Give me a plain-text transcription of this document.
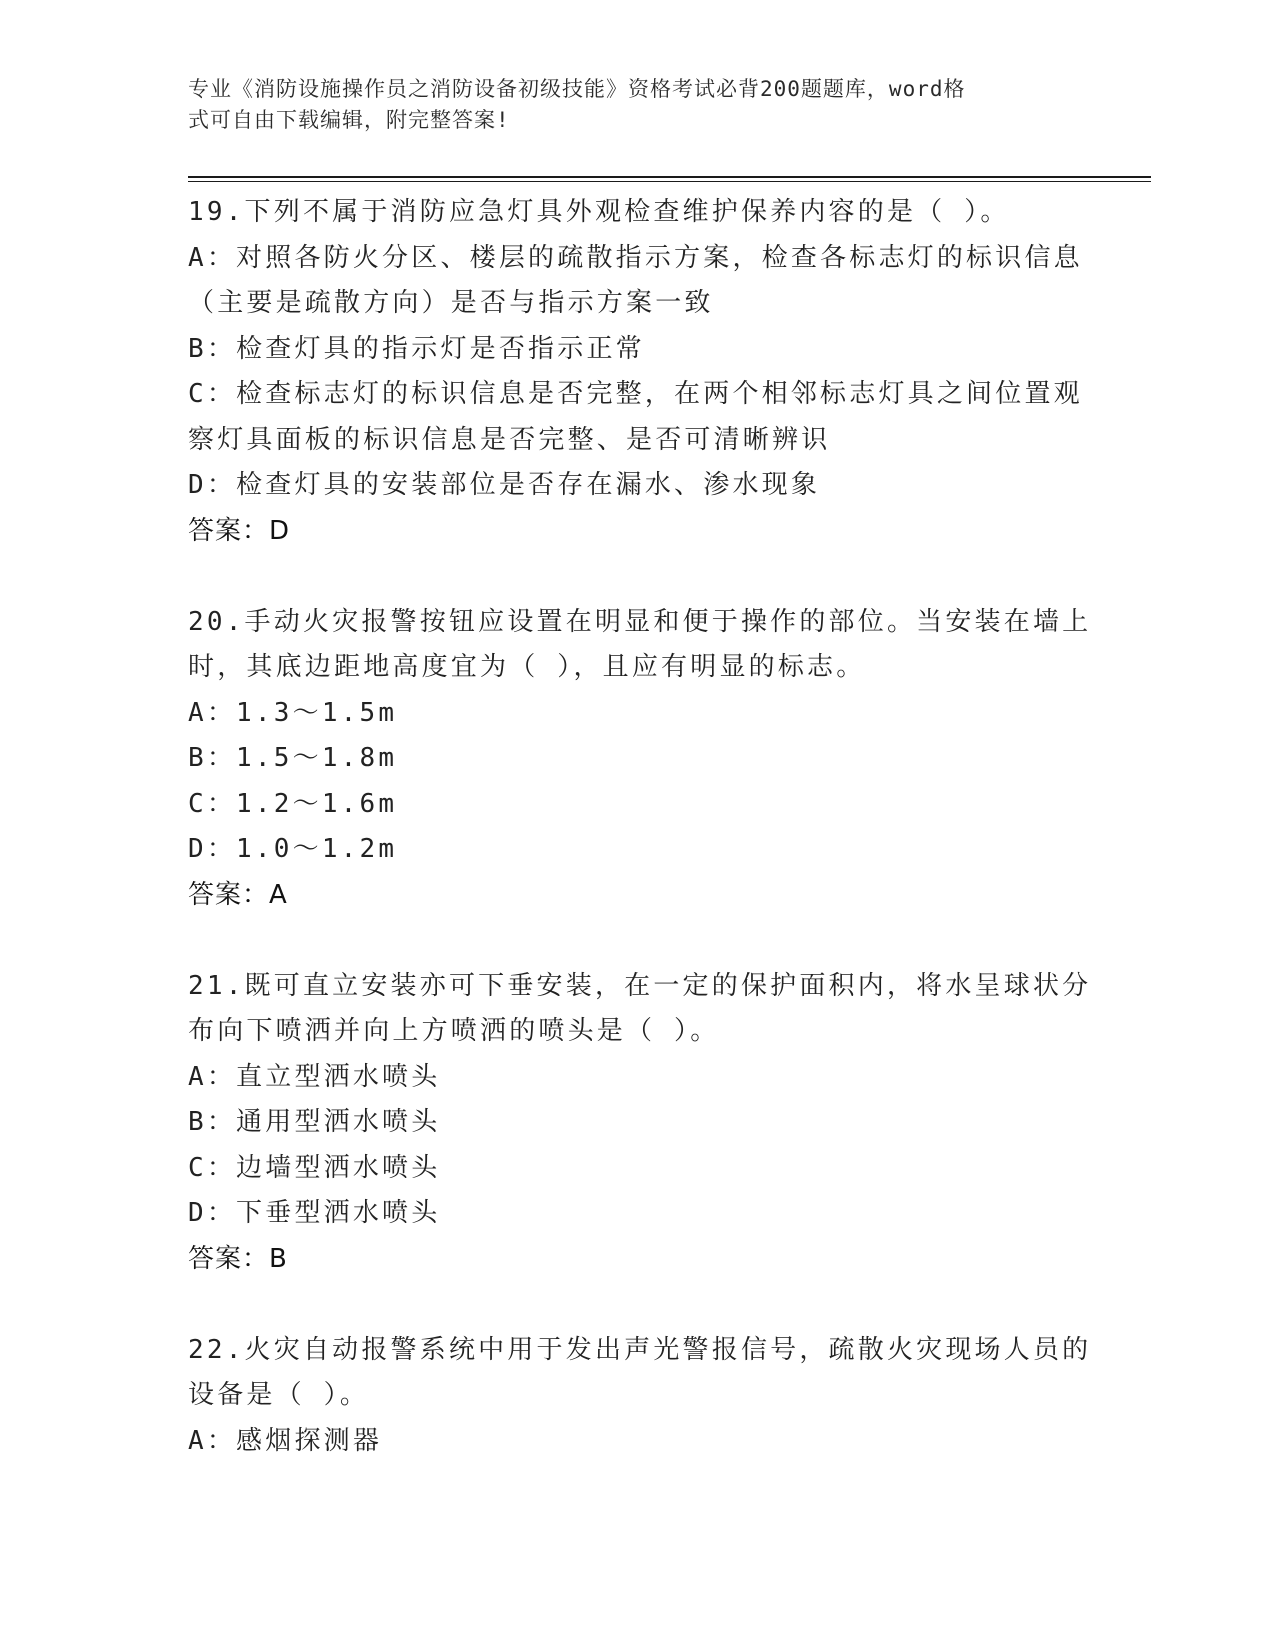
专业《消防设施操作员之消防设备初级技能》资格考试必背200题题库，word格
式可自由下载编辑，附完整答案!
19.下列不属于消防应急灯具外观检查维护保养内容的是（ ）。
A：对照各防火分区、楼层的疏散指示方案，检查各标志灯的标识信息
（主要是疏散方向）是否与指示方案一致
B：检查灯具的指示灯是否指示正常
C：检查标志灯的标识信息是否完整，在两个相邻标志灯具之间位置观
察灯具面板的标识信息是否完整、是否可清晰辨识
D：检查灯具的安装部位是否存在漏水、渗水现象
答案：D
20.手动火灾报警按钮应设置在明显和便于操作的部位。当安装在墙上
时，其底边距地高度宜为（ ），且应有明显的标志。
A：1.3～1.5m
B：1.5～1.8m
C：1.2～1.6m
D：1.0～1.2m
答案：A
21.既可直立安装亦可下垂安装，在一定的保护面积内，将水呈球状分
布向下喷洒并向上方喷洒的喷头是（ ）。
A：直立型洒水喷头
B：通用型洒水喷头
C：边墙型洒水喷头
D：下垂型洒水喷头
答案：B
22.火灾自动报警系统中用于发出声光警报信号，疏散火灾现场人员的
设备是（ ）。
A：感烟探测器
